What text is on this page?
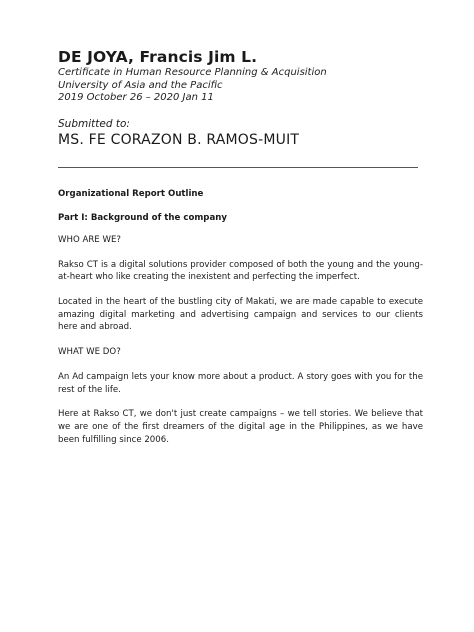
DE JOYA, Francis Jim L.
Certificate in Human Resource Planning & Acquisition
University of Asia and the Pacific
2019 October 26 – 2020 Jan 11
Submitted to:
MS. FE CORAZON B. RAMOS-MUIT
Organizational Report Outline
Part I: Background of the company
WHO ARE WE?
Rakso CT is a digital solutions provider composed of both the young and the young-at-heart who like creating the inexistent and perfecting the imperfect.
Located in the heart of the bustling city of Makati, we are made capable to execute amazing digital marketing and advertising campaign and services to our clients here and abroad.
WHAT WE DO?
An Ad campaign lets your know more about a product. A story goes with you for the rest of the life.
Here at Rakso CT, we don't just create campaigns – we tell stories. We believe that we are one of the first dreamers of the digital age in the Philippines, as we have been fulfilling since 2006.
